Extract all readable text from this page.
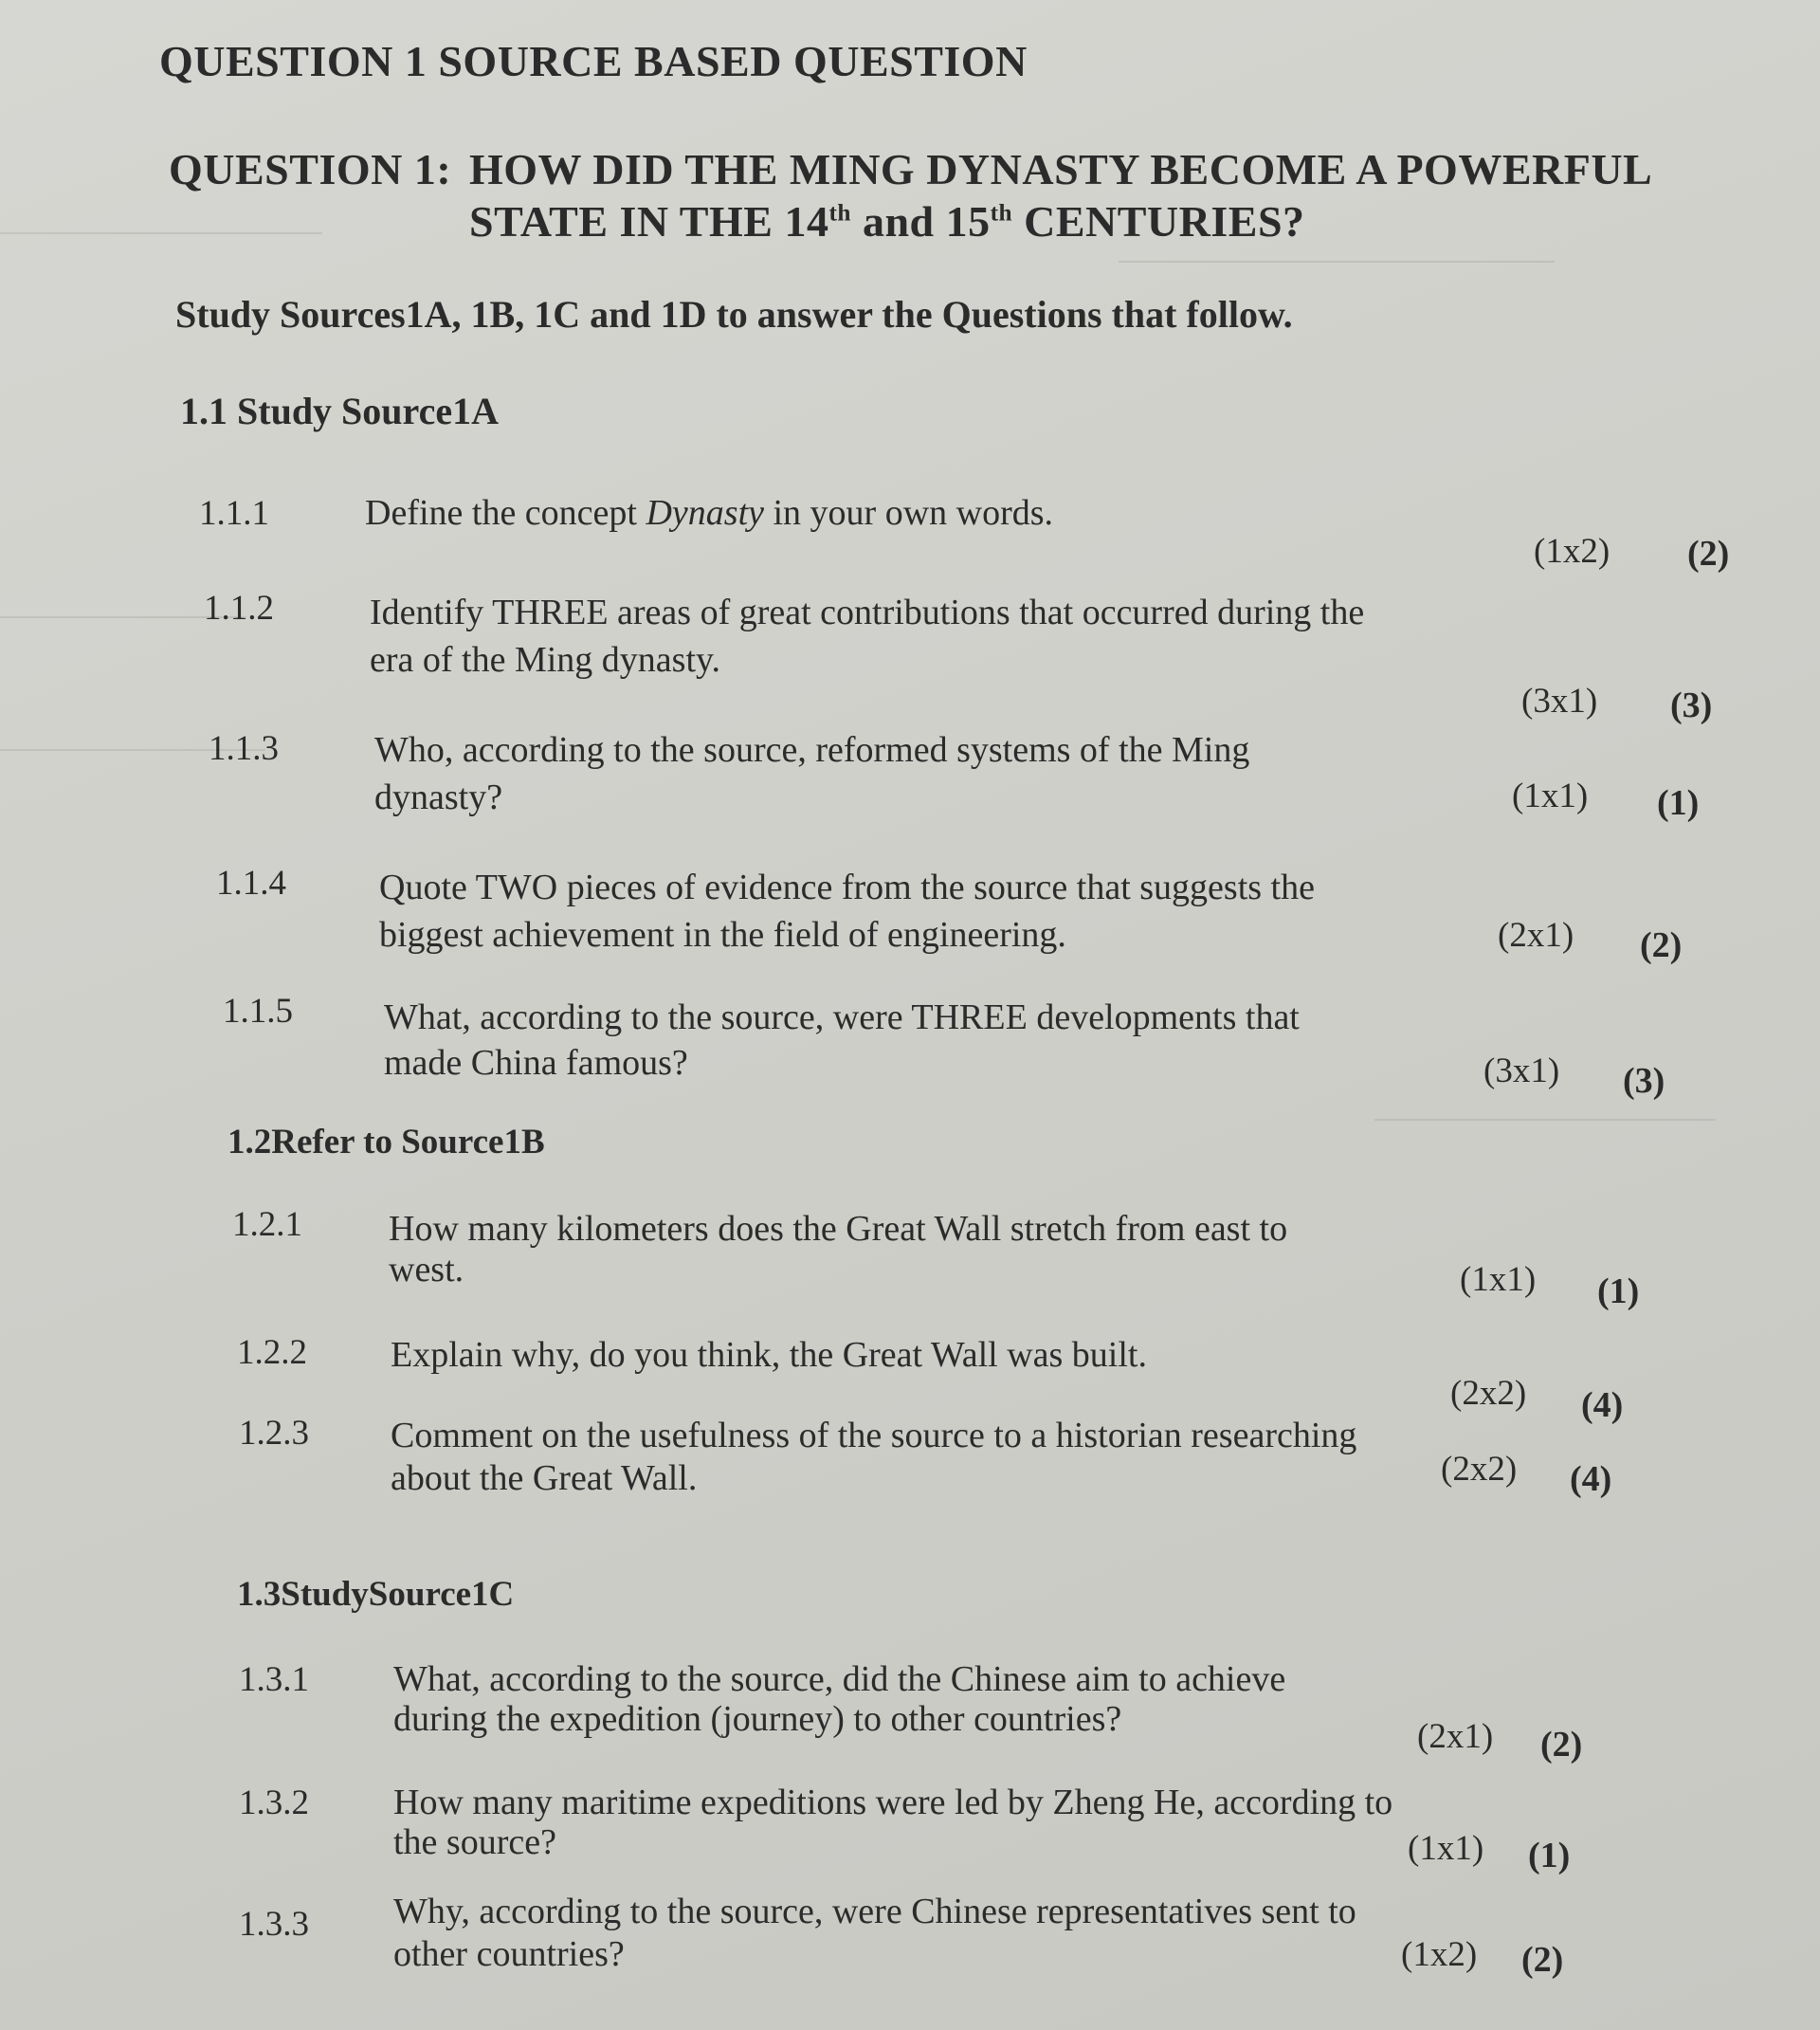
QUESTION 1 SOURCE BASED QUESTION
QUESTION 1: HOW DID THE MING DYNASTY BECOME A POWERFUL
STATE IN THE 14th and 15th CENTURIES?
Study Sources1A, 1B, 1C and 1D to answer the Questions that follow.
1.1 Study Source1A
1.1.1	Define the concept Dynasty in your own words.
(1x2) (2)
1.1.2	Identify THREE areas of great contributions that occurred during the
era of the Ming dynasty.
(3x1) (3)
1.1.3	Who, according to the source, reformed systems of the Ming
dynasty?	(1x1) (1)
1.1.4	Quote TWO pieces of evidence from the source that suggests the
biggest achievement in the field of engineering.	(2x1) (2)
1.1.5	What, according to the source, were THREE developments that
made China famous?	(3x1) (3)
1.2Refer to Source1B
1.2.1 How many kilometers does the Great Wall stretch from east to
west.	(1x1) (1)
1.2.2 Explain why, do you think, the Great Wall was built.
(2x2) (4)
1.2.3 Comment on the usefulness of the source to a historian researching
about the Great Wall.	(2x2) (4)
1.3StudySource1C
1.3.1 What, according to the source, did the Chinese aim to achieve
during the expedition (journey) to other countries?	(2x1) (2)
1.3.2 How many maritime expeditions were led by Zheng He, according to
the source?	(1x1) (1)
1.3.3 Why, according to the source, were Chinese representatives sent to
other countries?	(1x2) (2)
